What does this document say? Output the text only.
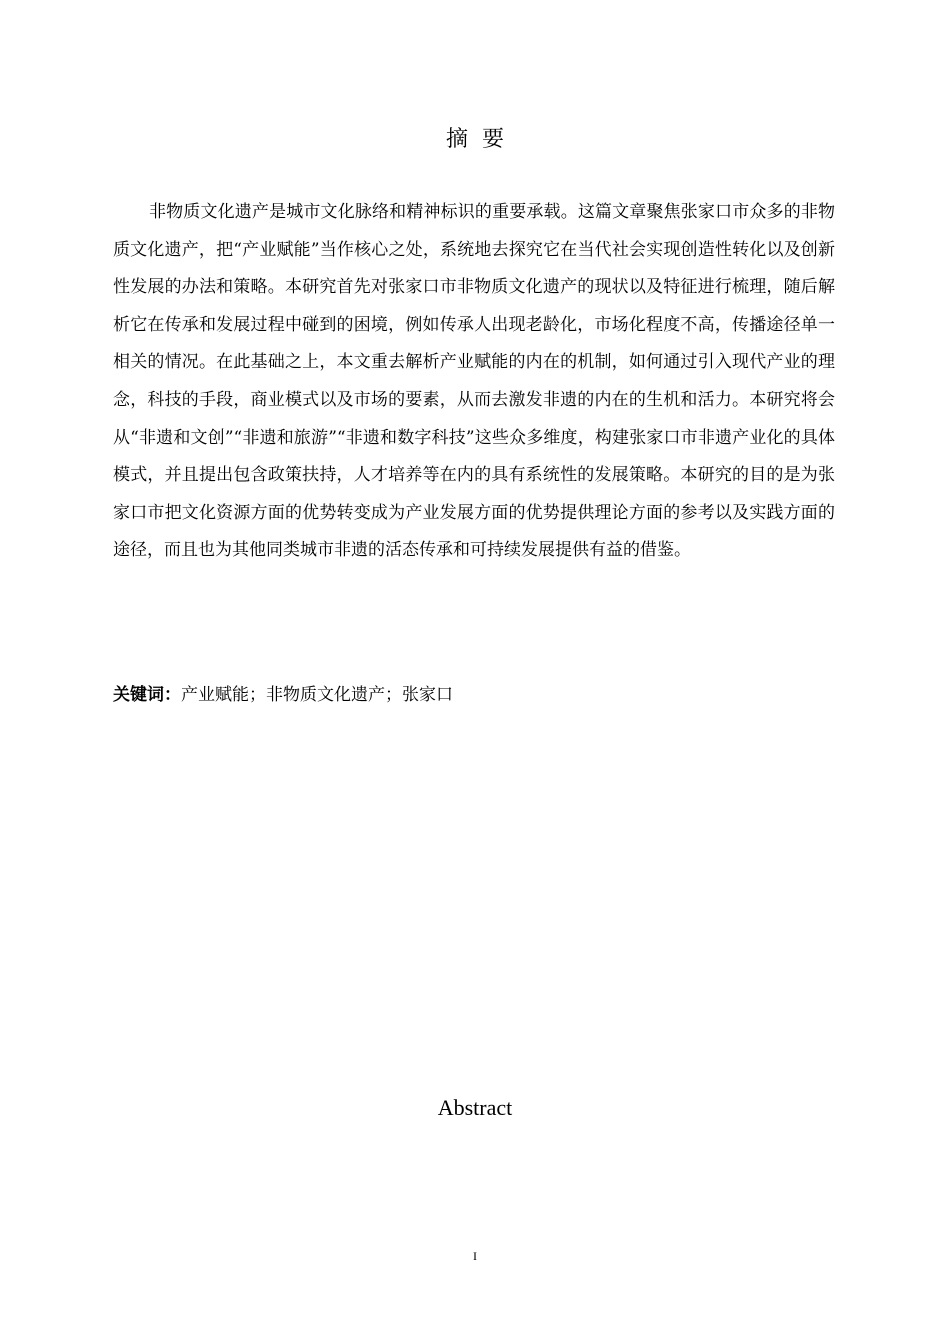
摘要

非物质文化遗产是城市文化脉络和精神标识的重要承载。这篇文章聚焦张家口市众多的非物质文化遗产，把“产业赋能”当作核心之处，系统地去探究它在当代社会实现创造性转化以及创新性发展的办法和策略。本研究首先对张家口市非物质文化遗产的现状以及特征进行梳理，随后解析它在传承和发展过程中碰到的困境，例如传承人出现老龄化，市场化程度不高，传播途径单一相关的情况。在此基础之上，本文重去解析产业赋能的内在的机制，如何通过引入现代产业的理念，科技的手段，商业模式以及市场的要素，从而去激发非遗的内在的生机和活力。本研究将会从“非遗和文创”“非遗和旅游”“非遗和数字科技”这些众多维度，构建张家口市非遗产业化的具体模式，并且提出包含政策扶持，人才培养等在内的具有系统性的发展策略。本研究的目的是为张家口市把文化资源方面的优势转变成为产业发展方面的优势提供理论方面的参考以及实践方面的途径，而且也为其他同类城市非遗的活态传承和可持续发展提供有益的借鉴。

关键词：产业赋能；非物质文化遗产；张家口

Abstract
I
